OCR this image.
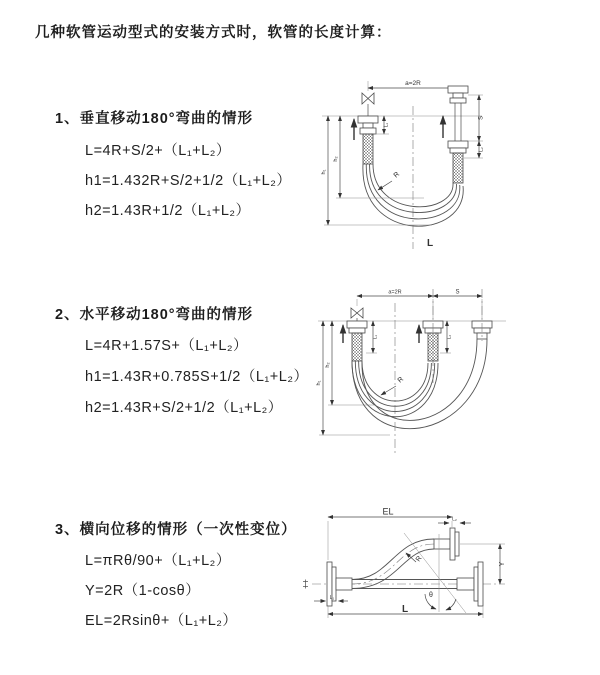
几种软管运动型式的安装方式时，软管的长度计算：
1、垂直移动180°弯曲的情形
L=4R+S/2+（L₁+L₂）
h1=1.432R+S/2+1/2（L₁+L₂）
h2=1.43R+1/2（L₁+L₂）
2、水平移动180°弯曲的情形
L=4R+1.57S+（L₁+L₂）
h1=1.43R+0.785S+1/2（L₁+L₂）
h2=1.43R+S/2+1/2（L₁+L₂）
3、横向位移的情形（一次性变位）
L=πRθ/90+（L₁+L₂）
Y=2R（1-cosθ）
EL=2Rsinθ+（L₁+L₂）
a=2R
L₁
S
L₂
R
h₂
h₁
L
a=2R	S
L₁	L₂
h₂
h₁	R
EL
L₂
Y
θ
R
L₁
L
